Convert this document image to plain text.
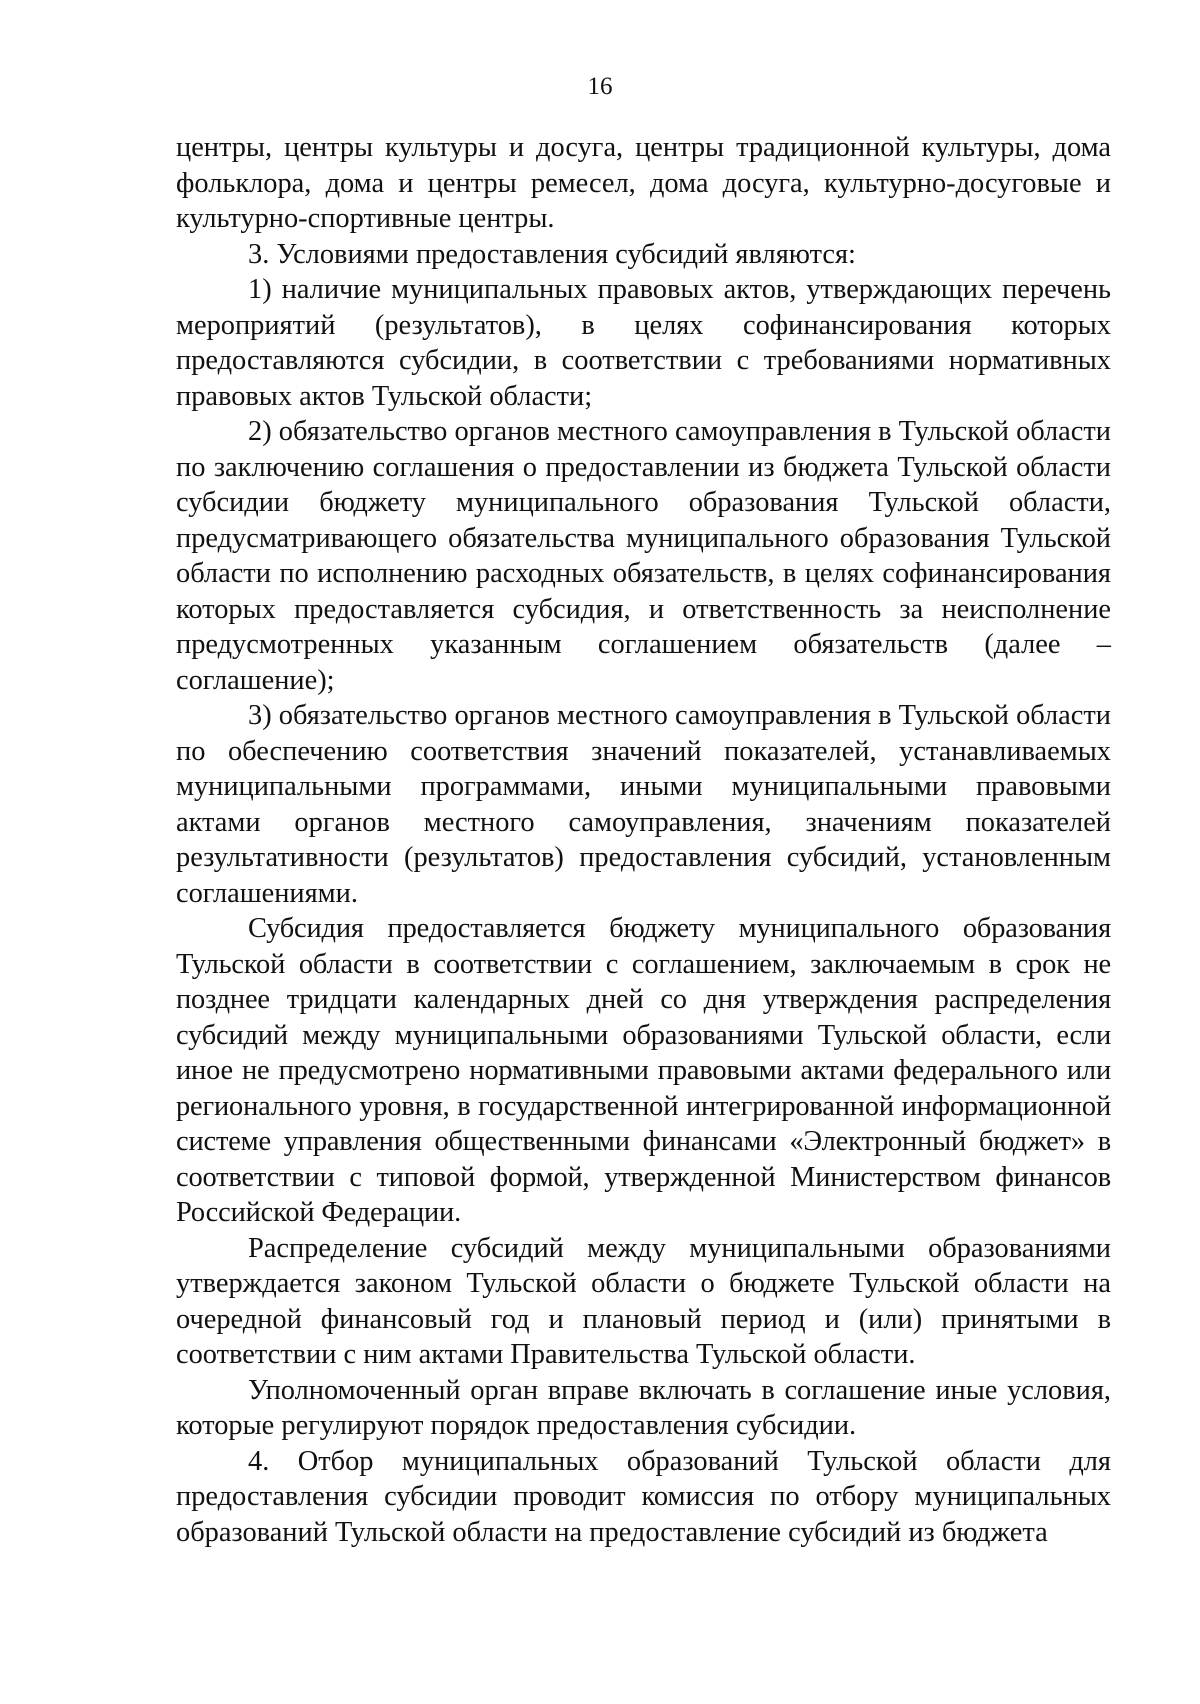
16

центры, центры культуры и досуга, центры традиционной культуры, дома фольклора, дома и центры ремесел, дома досуга, культурно-досуговые и культурно-спортивные центры.

3. Условиями предоставления субсидий являются:

1) наличие муниципальных правовых актов, утверждающих перечень мероприятий (результатов), в целях софинансирования которых предоставляются субсидии, в соответствии с требованиями нормативных правовых актов Тульской области;

2) обязательство органов местного самоуправления в Тульской области по заключению соглашения о предоставлении из бюджета Тульской области субсидии бюджету муниципального образования Тульской области, предусматривающего обязательства муниципального образования Тульской области по исполнению расходных обязательств, в целях софинансирования которых предоставляется субсидия, и ответственность за неисполнение предусмотренных указанным соглашением обязательств (далее – соглашение);

3) обязательство органов местного самоуправления в Тульской области по обеспечению соответствия значений показателей, устанавливаемых муниципальными программами, иными муниципальными правовыми актами органов местного самоуправления, значениям показателей результативности (результатов) предоставления субсидий, установленным соглашениями.

Субсидия предоставляется бюджету муниципального образования Тульской области в соответствии с соглашением, заключаемым в срок не позднее тридцати календарных дней со дня утверждения распределения субсидий между муниципальными образованиями Тульской области, если иное не предусмотрено нормативными правовыми актами федерального или регионального уровня, в государственной интегрированной информационной системе управления общественными финансами «Электронный бюджет» в соответствии с типовой формой, утвержденной Министерством финансов Российской Федерации.

Распределение субсидий между муниципальными образованиями утверждается законом Тульской области о бюджете Тульской области на очередной финансовый год и плановый период и (или) принятыми в соответствии с ним актами Правительства Тульской области.

Уполномоченный орган вправе включать в соглашение иные условия, которые регулируют порядок предоставления субсидии.

4. Отбор муниципальных образований Тульской области для предоставления субсидии проводит комиссия по отбору муниципальных образований Тульской области на предоставление субсидий из бюджета
